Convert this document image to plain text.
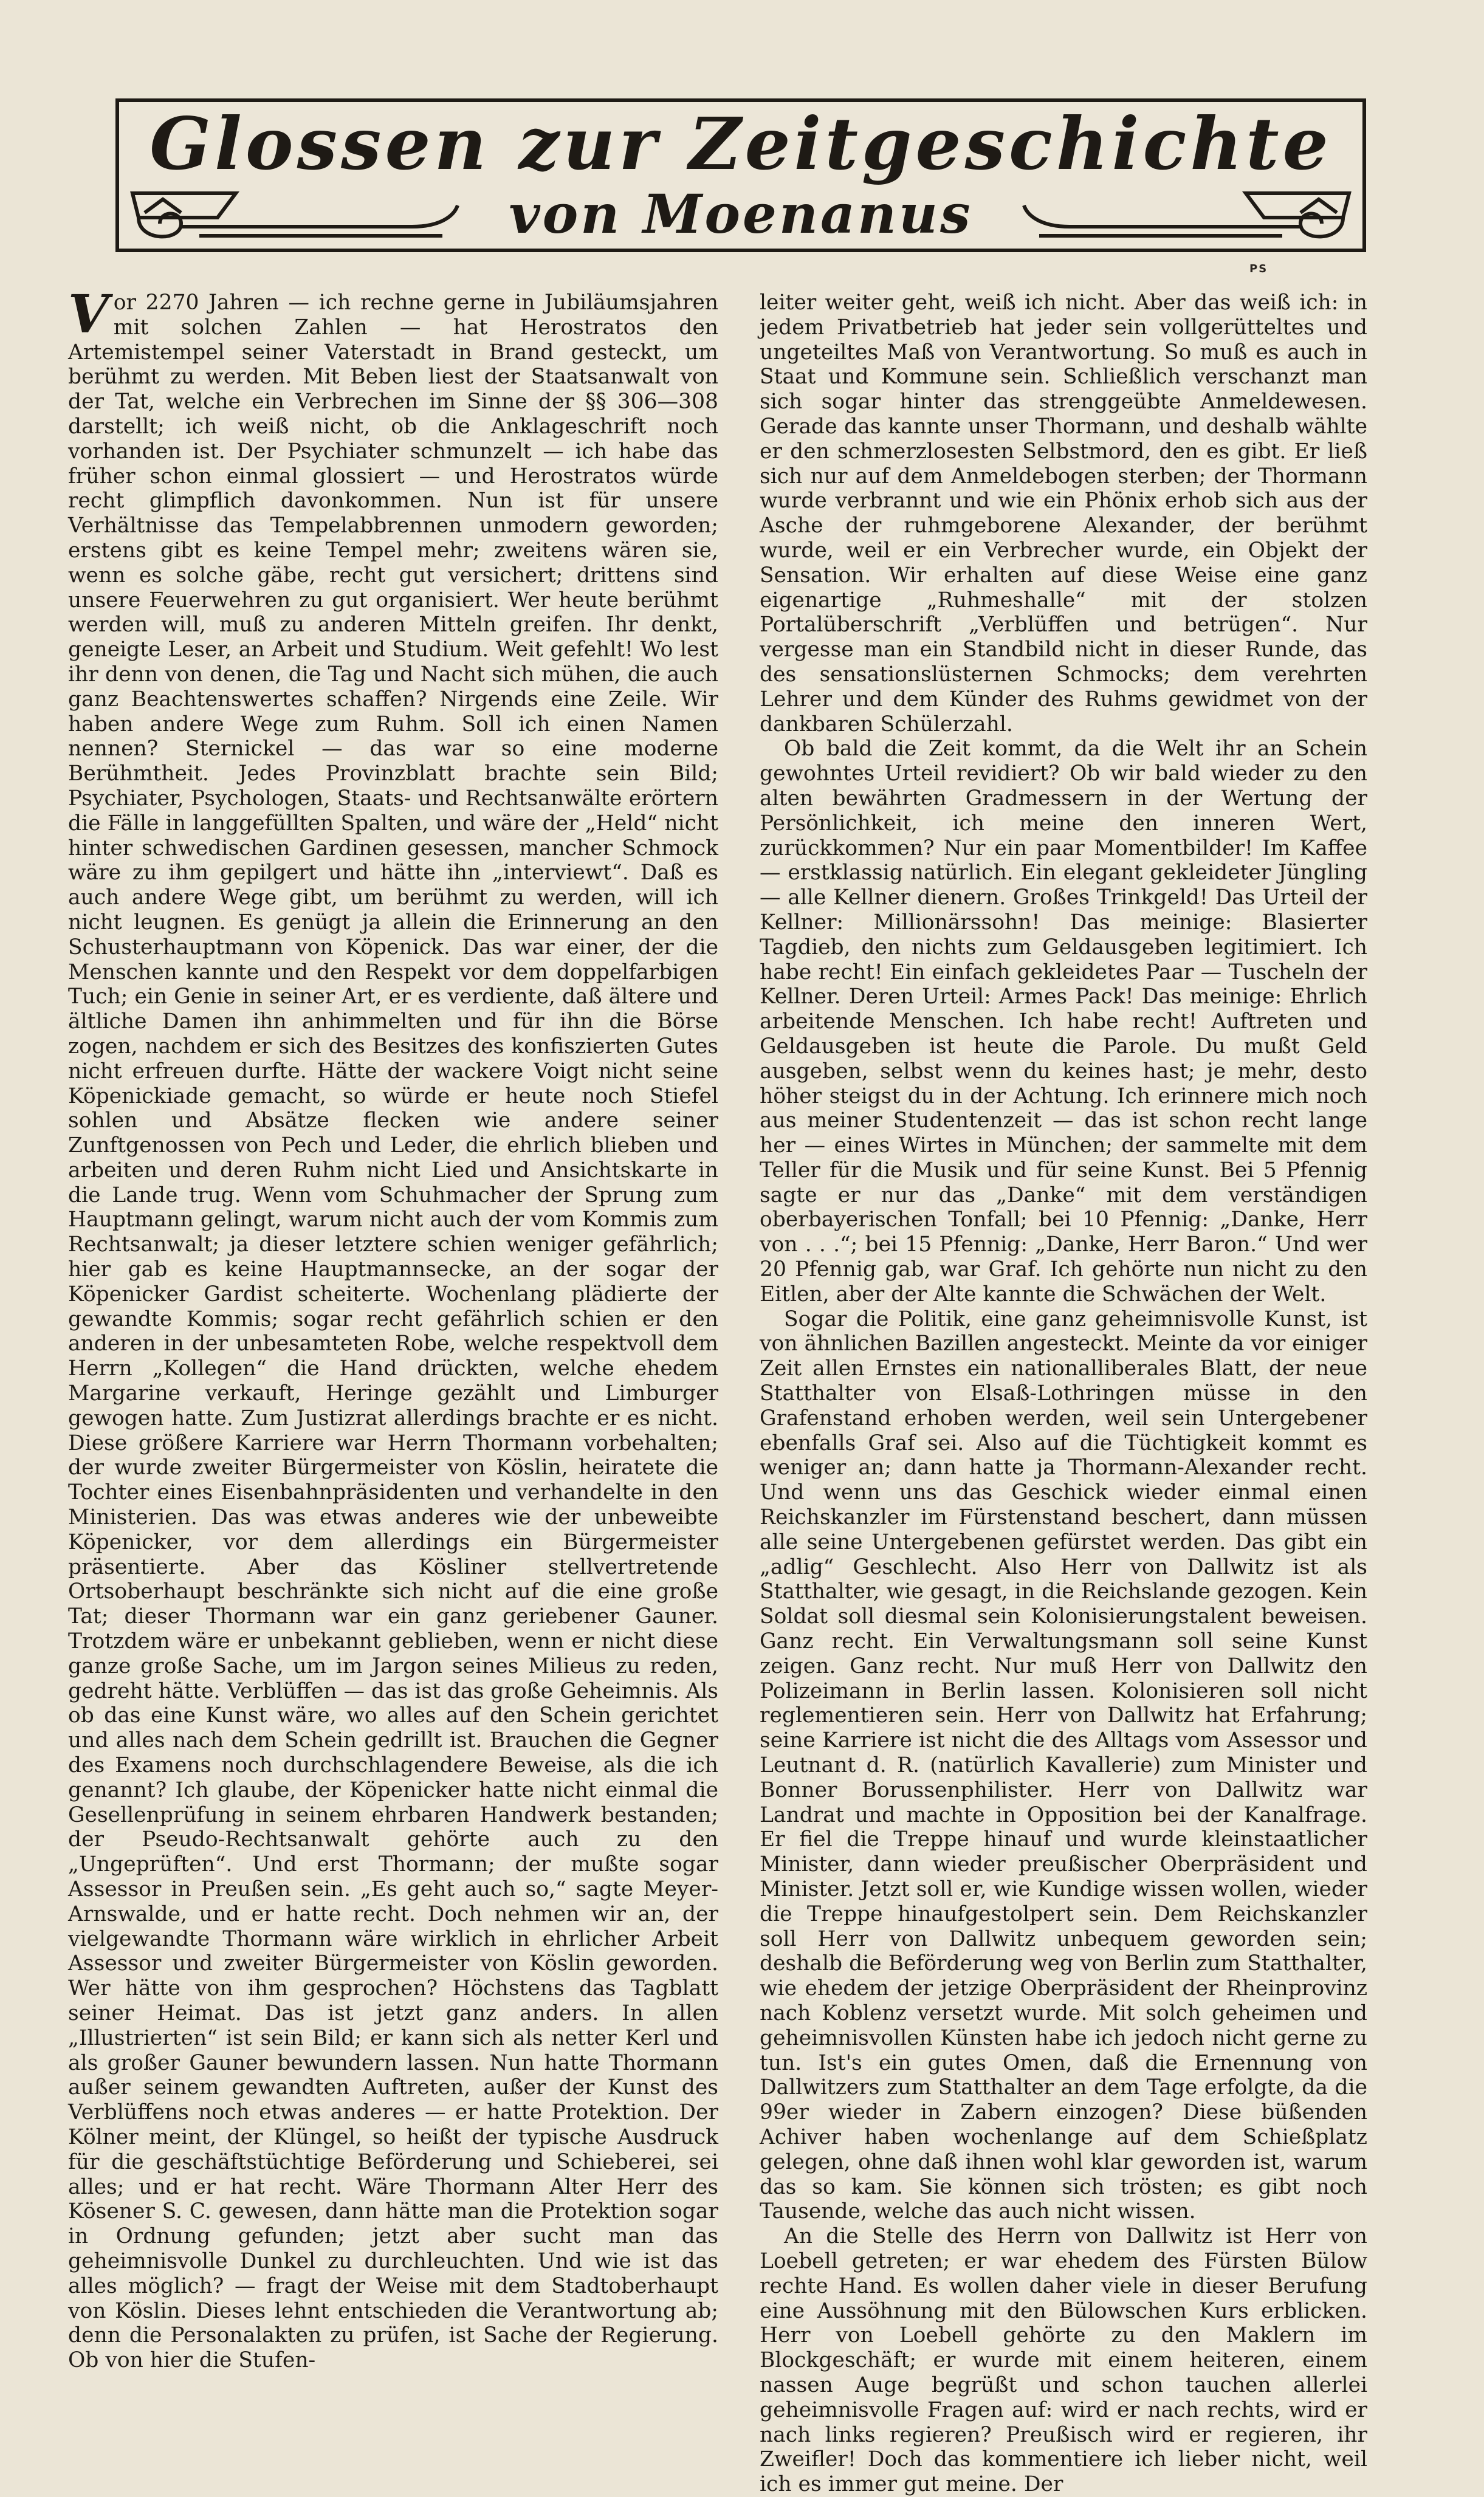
Glossen zur Zeitgeschichte
von Moenanus
PS

Vor 2270 Jahren — ich rechne gerne in Jubiläumsjahren mit solchen Zahlen — hat Herostratos den Artemistempel seiner Vaterstadt in Brand gesteckt, um berühmt zu werden. Mit Beben liest der Staatsanwalt von der Tat, welche ein Verbrechen im Sinne der §§ 306—308 darstellt; ich weiß nicht, ob die Anklageschrift noch vorhanden ist. Der Psychiater schmunzelt — ich habe das früher schon einmal glossiert — und Herostratos würde recht glimpflich davonkommen. Nun ist für unsere Verhältnisse das Tempelabbrennen unmodern geworden; erstens gibt es keine Tempel mehr; zweitens wären sie, wenn es solche gäbe, recht gut versichert; drittens sind unsere Feuerwehren zu gut organisiert. Wer heute berühmt werden will, muß zu anderen Mitteln greifen. Ihr denkt, geneigte Leser, an Arbeit und Studium. Weit gefehlt! Wo lest ihr denn von denen, die Tag und Nacht sich mühen, die auch ganz Beachtenswertes schaffen? Nirgends eine Zeile. Wir haben andere Wege zum Ruhm. Soll ich einen Namen nennen? Sternickel — das war so eine moderne Berühmtheit. Jedes Provinzblatt brachte sein Bild; Psychiater, Psychologen, Staats- und Rechtsanwälte erörtern die Fälle in langgefüllten Spalten, und wäre der „Held“ nicht hinter schwedischen Gardinen gesessen, mancher Schmock wäre zu ihm gepilgert und hätte ihn „interviewt“. Daß es auch andere Wege gibt, um berühmt zu werden, will ich nicht leugnen. Es genügt ja allein die Erinnerung an den Schusterhauptmann von Köpenick. Das war einer, der die Menschen kannte und den Respekt vor dem doppelfarbigen Tuch; ein Genie in seiner Art, er es verdiente, daß ältere und ältliche Damen ihn anhimmelten und für ihn die Börse zogen, nachdem er sich des Besitzes des konfiszierten Gutes nicht erfreuen durfte. Hätte der wackere Voigt nicht seine Köpenickiade gemacht, so würde er heute noch Stiefel sohlen und Absätze flecken wie andere seiner Zunftgenossen von Pech und Leder, die ehrlich blieben und arbeiten und deren Ruhm nicht Lied und Ansichtskarte in die Lande trug. Wenn vom Schuhmacher der Sprung zum Hauptmann gelingt, warum nicht auch der vom Kommis zum Rechtsanwalt; ja dieser letztere schien weniger gefährlich; hier gab es keine Hauptmannsecke, an der sogar der Köpenicker Gardist scheiterte. Wochenlang plädierte der gewandte Kommis; sogar recht gefährlich schien er den anderen in der unbesamteten Robe, welche respektvoll dem Herrn „Kollegen“ die Hand drückten, welche ehedem Margarine verkauft, Heringe gezählt und Limburger gewogen hatte. Zum Justizrat allerdings brachte er es nicht. Diese größere Karriere war Herrn Thormann vorbehalten; der wurde zweiter Bürgermeister von Köslin, heiratete die Tochter eines Eisenbahnpräsidenten und verhandelte in den Ministerien. Das was etwas anderes wie der unbeweibte Köpenicker, vor dem allerdings ein Bürgermeister präsentierte. Aber das Kösliner stellvertretende Ortsoberhaupt beschränkte sich nicht auf die eine große Tat; dieser Thormann war ein ganz geriebener Gauner. Trotzdem wäre er unbekannt geblieben, wenn er nicht diese ganze große Sache, um im Jargon seines Milieus zu reden, gedreht hätte. Verblüffen — das ist das große Geheimnis. Als ob das eine Kunst wäre, wo alles auf den Schein gerichtet und alles nach dem Schein gedrillt ist. Brauchen die Gegner des Examens noch durchschlagendere Beweise, als die ich genannt? Ich glaube, der Köpenicker hatte nicht einmal die Gesellenprüfung in seinem ehrbaren Handwerk bestanden; der Pseudo-Rechtsanwalt gehörte auch zu den „Ungeprüften“. Und erst Thormann; der mußte sogar Assessor in Preußen sein. „Es geht auch so,“ sagte Meyer-Arnswalde, und er hatte recht. Doch nehmen wir an, der vielgewandte Thormann wäre wirklich in ehrlicher Arbeit Assessor und zweiter Bürgermeister von Köslin geworden. Wer hätte von ihm gesprochen? Höchstens das Tagblatt seiner Heimat. Das ist jetzt ganz anders. In allen „Illustrierten“ ist sein Bild; er kann sich als netter Kerl und als großer Gauner bewundern lassen. Nun hatte Thormann außer seinem gewandten Auftreten, außer der Kunst des Verblüffens noch etwas anderes — er hatte Protektion. Der Kölner meint, der Klüngel, so heißt der typische Ausdruck für die geschäftstüchtige Beförderung und Schieberei, sei alles; und er hat recht. Wäre Thormann Alter Herr des Kösener S. C. gewesen, dann hätte man die Protektion sogar in Ordnung gefunden; jetzt aber sucht man das geheimnisvolle Dunkel zu durchleuchten. Und wie ist das alles möglich? — fragt der Weise mit dem Stadtoberhaupt von Köslin. Dieses lehnt entschieden die Verantwortung ab; denn die Personalakten zu prüfen, ist Sache der Regierung. Ob von hier die Stufen-

leiter weiter geht, weiß ich nicht. Aber das weiß ich: in jedem Privatbetrieb hat jeder sein vollgerütteltes und ungeteiltes Maß von Verantwortung. So muß es auch in Staat und Kommune sein. Schließlich verschanzt man sich sogar hinter das strenggeübte Anmeldewesen. Gerade das kannte unser Thormann, und deshalb wählte er den schmerzlosesten Selbstmord, den es gibt. Er ließ sich nur auf dem Anmeldebogen sterben; der Thormann wurde verbrannt und wie ein Phönix erhob sich aus der Asche der ruhmgeborene Alexander, der berühmt wurde, weil er ein Verbrecher wurde, ein Objekt der Sensation. Wir erhalten auf diese Weise eine ganz eigenartige „Ruhmeshalle“ mit der stolzen Portalüberschrift „Verblüffen und betrügen“. Nur vergesse man ein Standbild nicht in dieser Runde, das des sensationslüsternen Schmocks; dem verehrten Lehrer und dem Künder des Ruhms gewidmet von der dankbaren Schülerzahl.

Ob bald die Zeit kommt, da die Welt ihr an Schein gewohntes Urteil revidiert? Ob wir bald wieder zu den alten bewährten Gradmessern in der Wertung der Persönlichkeit, ich meine den inneren Wert, zurückkommen? Nur ein paar Momentbilder! Im Kaffee — erstklassig natürlich. Ein elegant gekleideter Jüngling — alle Kellner dienern. Großes Trinkgeld! Das Urteil der Kellner: Millionärssohn! Das meinige: Blasierter Tagdieb, den nichts zum Geldausgeben legitimiert. Ich habe recht! Ein einfach gekleidetes Paar — Tuscheln der Kellner. Deren Urteil: Armes Pack! Das meinige: Ehrlich arbeitende Menschen. Ich habe recht! Auftreten und Geldausgeben ist heute die Parole. Du mußt Geld ausgeben, selbst wenn du keines hast; je mehr, desto höher steigst du in der Achtung. Ich erinnere mich noch aus meiner Studentenzeit — das ist schon recht lange her — eines Wirtes in München; der sammelte mit dem Teller für die Musik und für seine Kunst. Bei 5 Pfennig sagte er nur das „Danke“ mit dem verständigen oberbayerischen Tonfall; bei 10 Pfennig: „Danke, Herr von . . .“; bei 15 Pfennig: „Danke, Herr Baron.“ Und wer 20 Pfennig gab, war Graf. Ich gehörte nun nicht zu den Eitlen, aber der Alte kannte die Schwächen der Welt.

Sogar die Politik, eine ganz geheimnisvolle Kunst, ist von ähnlichen Bazillen angesteckt. Meinte da vor einiger Zeit allen Ernstes ein nationalliberales Blatt, der neue Statthalter von Elsaß-Lothringen müsse in den Grafenstand erhoben werden, weil sein Untergebener ebenfalls Graf sei. Also auf die Tüchtigkeit kommt es weniger an; dann hatte ja Thormann-Alexander recht. Und wenn uns das Geschick wieder einmal einen Reichskanzler im Fürstenstand beschert, dann müssen alle seine Untergebenen gefürstet werden. Das gibt ein „adlig“ Geschlecht. Also Herr von Dallwitz ist als Statthalter, wie gesagt, in die Reichslande gezogen. Kein Soldat soll diesmal sein Kolonisierungstalent beweisen. Ganz recht. Ein Verwaltungsmann soll seine Kunst zeigen. Ganz recht. Nur muß Herr von Dallwitz den Polizeimann in Berlin lassen. Kolonisieren soll nicht reglementieren sein. Herr von Dallwitz hat Erfahrung; seine Karriere ist nicht die des Alltags vom Assessor und Leutnant d. R. (natürlich Kavallerie) zum Minister und Bonner Borussenphilister. Herr von Dallwitz war Landrat und machte in Opposition bei der Kanalfrage. Er fiel die Treppe hinauf und wurde kleinstaatlicher Minister, dann wieder preußischer Oberpräsident und Minister. Jetzt soll er, wie Kundige wissen wollen, wieder die Treppe hinaufgestolpert sein. Dem Reichskanzler soll Herr von Dallwitz unbequem geworden sein; deshalb die Beförderung weg von Berlin zum Statthalter, wie ehedem der jetzige Oberpräsident der Rheinprovinz nach Koblenz versetzt wurde. Mit solch geheimen und geheimnisvollen Künsten habe ich jedoch nicht gerne zu tun. Ist's ein gutes Omen, daß die Ernennung von Dallwitzers zum Statthalter an dem Tage erfolgte, da die 99er wieder in Zabern einzogen? Diese büßenden Achiver haben wochenlange auf dem Schießplatz gelegen, ohne daß ihnen wohl klar geworden ist, warum das so kam. Sie können sich trösten; es gibt noch Tausende, welche das auch nicht wissen.

An die Stelle des Herrn von Dallwitz ist Herr von Loebell getreten; er war ehedem des Fürsten Bülow rechte Hand. Es wollen daher viele in dieser Berufung eine Aussöhnung mit den Bülowschen Kurs erblicken. Herr von Loebell gehörte zu den Maklern im Blockgeschäft; er wurde mit einem heiteren, einem nassen Auge begrüßt und schon tauchen allerlei geheimnisvolle Fragen auf: wird er nach rechts, wird er nach links regieren? Preußisch wird er regieren, ihr Zweifler! Doch das kommentiere ich lieber nicht, weil ich es immer gut meine. Der
